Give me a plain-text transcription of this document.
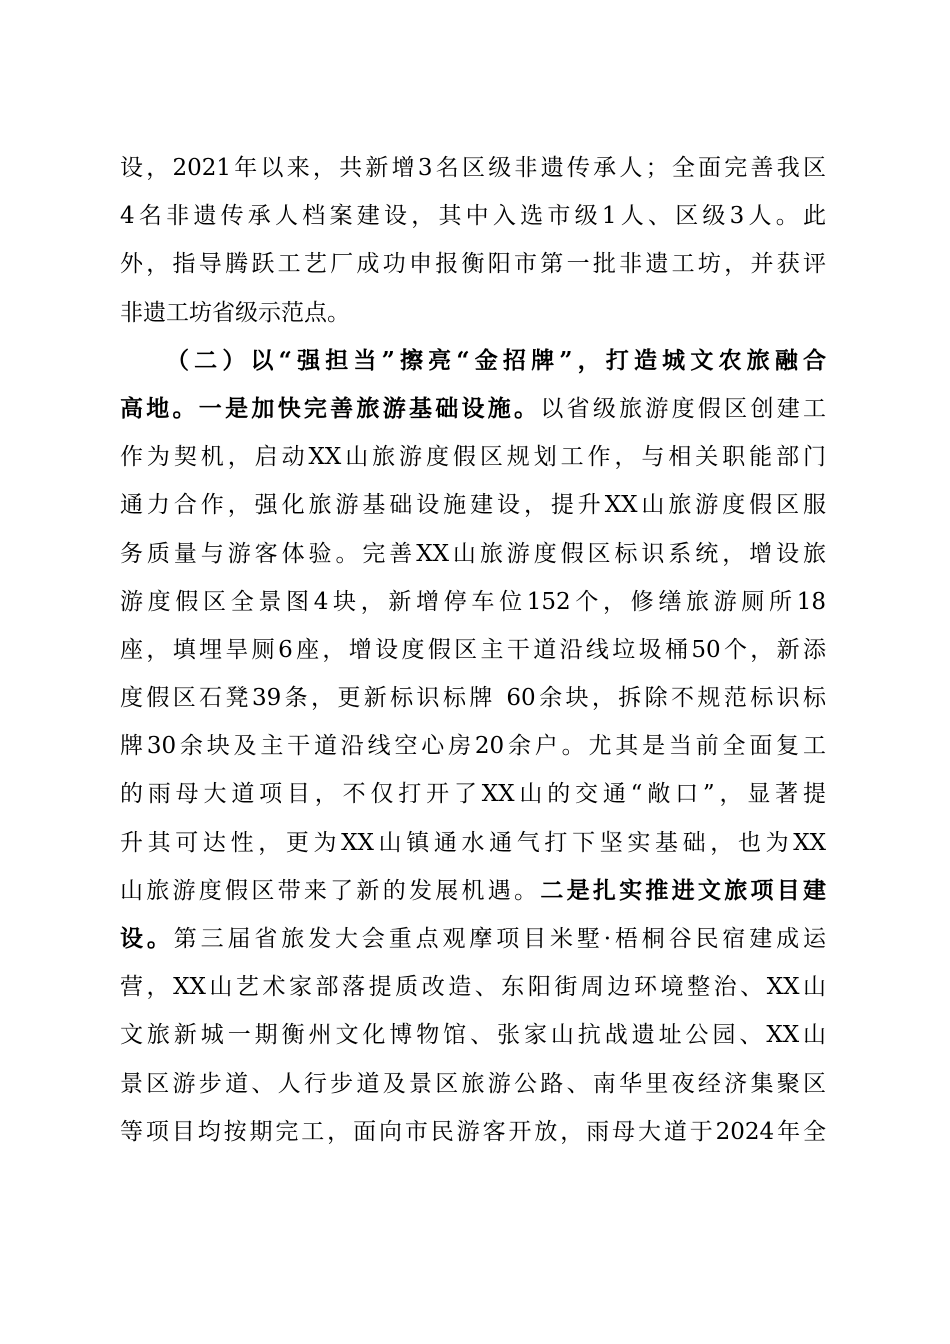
设，2021年以来，共新增3名区级非遗传承人；全面完善我区
4名非遗传承人档案建设，其中入选市级1人、区级3人。此
外，指导腾跃工艺厂成功申报衡阳市第一批非遗工坊，并获评
非遗工坊省级示范点。
（二）以“强担当”擦亮“金招牌”，打造城文农旅融合
高地。一是加快完善旅游基础设施。以省级旅游度假区创建工
作为契机，启动XX山旅游度假区规划工作，与相关职能部门
通力合作，强化旅游基础设施建设，提升XX山旅游度假区服
务质量与游客体验。完善XX山旅游度假区标识系统，增设旅
游度假区全景图4块，新增停车位152个，修缮旅游厕所18
座，填埋旱厕6座，增设度假区主干道沿线垃圾桶50个，新添
度假区石凳39条，更新标识标牌 60余块，拆除不规范标识标
牌30余块及主干道沿线空心房20余户。尤其是当前全面复工
的雨母大道项目，不仅打开了XX山的交通“敞口”，显著提
升其可达性，更为XX山镇通水通气打下坚实基础，也为XX
山旅游度假区带来了新的发展机遇。二是扎实推进文旅项目建
设。第三届省旅发大会重点观摩项目米墅·梧桐谷民宿建成运
营，XX山艺术家部落提质改造、东阳街周边环境整治、XX山
文旅新城一期衡州文化博物馆、张家山抗战遗址公园、XX山
景区游步道、人行步道及景区旅游公路、南华里夜经济集聚区
等项目均按期完工，面向市民游客开放，雨母大道于2024年全
